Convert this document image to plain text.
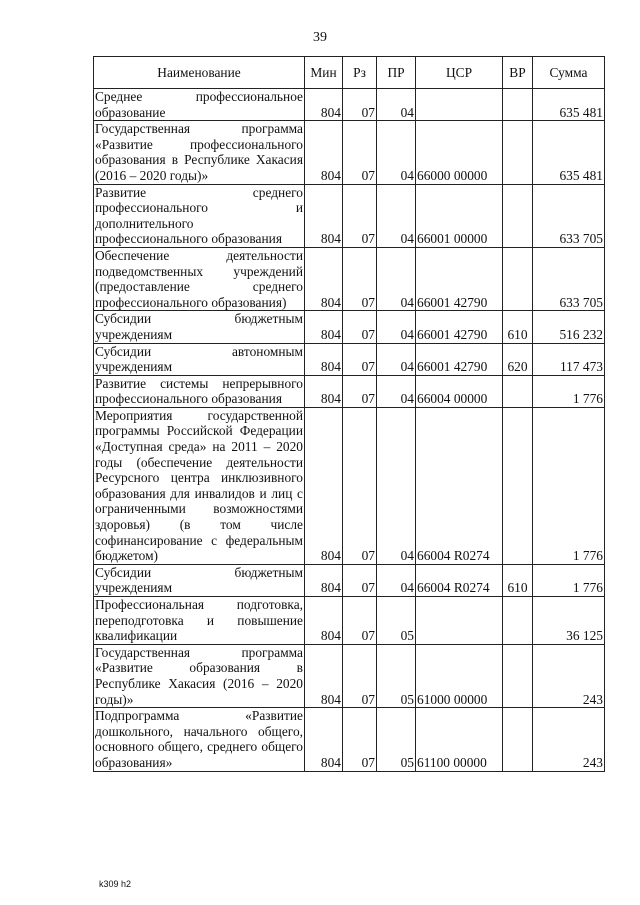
39
Наименование	Мин	Рз	ПР	ЦСР	ВР	Сумма
Среднее профессиональное образование	804	07	04			635 481
Государственная программа «Развитие профессионального образования в Республике Хакасия (2016 – 2020 годы)»	804	07	04	66000 00000		635 481
Развитие среднего профессионального и дополнительного профессионального образования	804	07	04	66001 00000		633 705
Обеспечение деятельности подведомственных учреждений (предоставление среднего профессионального образования)	804	07	04	66001 42790		633 705
Субсидии бюджетным учреждениям	804	07	04	66001 42790	610	516 232
Субсидии автономным учреждениям	804	07	04	66001 42790	620	117 473
Развитие системы непрерывного профессионального образования	804	07	04	66004 00000		1 776
Мероприятия государственной программы Российской Федерации «Доступная среда» на 2011 – 2020 годы (обеспечение деятельности Ресурсного центра инклюзивного образования для инвалидов и лиц с ограниченными возможностями здоровья) (в том числе софинансирование с федеральным бюджетом)	804	07	04	66004 R0274		1 776
Субсидии бюджетным учреждениям	804	07	04	66004 R0274	610	1 776
Профессиональная подготовка, переподготовка и повышение квалификации	804	07	05			36 125
Государственная программа «Развитие образования в Республике Хакасия (2016 – 2020 годы)»	804	07	05	61000 00000		243
Подпрограмма «Развитие дошкольного, начального общего, основного общего, среднего общего образования»	804	07	05	61100 00000		243
k309 h2
